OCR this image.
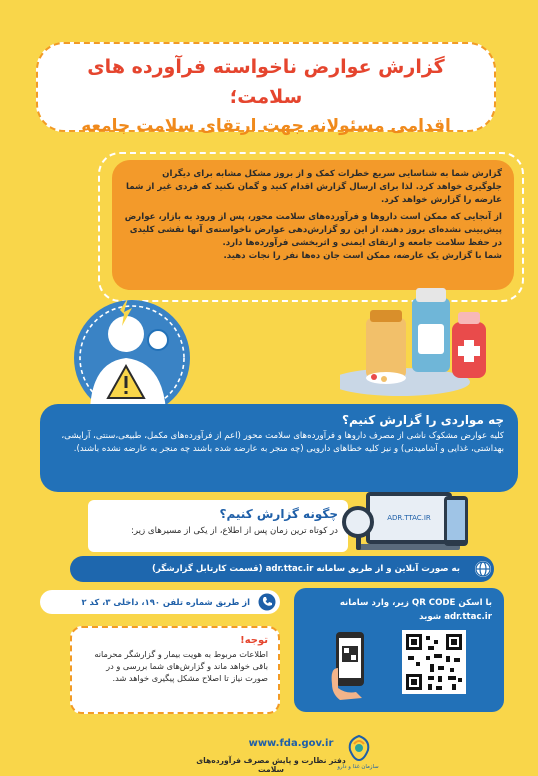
گزارش عوارض ناخواسته فرآورده های سلامت؛
اقدامی مسئولانه جهت ارتقای سلامت جامعه
گزارش شما به شناسایی سریع خطرات کمک و از بروز مشکل مشابه برای دیگران جلوگیری خواهد کرد. لذا برای ارسال گزارش اقدام کنید و گمان نکنید که فردی غیر از شما عارضه را گزارش خواهد کرد.
از آنجایی که ممکن است داروها و فرآورده‌های سلامت محور، پس از ورود به بازار، عوارض پیش‌بینی نشده‌ای بروز دهند، از این رو گزارش‌دهی عوارض ناخواسته‌ی آنها نقشی کلیدی در حفظ سلامت جامعه و ارتقای ایمنی و اثربخشی فرآورده‌ها دارد.
شما با گزارش یک عارضه، ممکن است جان ده‌ها نفر را نجات دهید.
چه مواردی را گزارش کنیم؟
کلیه عوارض مشکوک ناشی از مصرف داروها و فرآورده‌های سلامت محور (اعم از فرآورده‌های مکمل، طبیعی،سنتی، آرایشی، بهداشتی، غذایی و آشامیدنی) و نیز کلیه خطاهای دارویی (چه منجر به عارضه شده باشند چه منجر به عارضه نشده باشند).
چگونه گزارش کنیم؟
در کوتاه ترین زمان پس از اطلاع، از یکی از مسیرهای زیر:
ADR.TTAC.IR
به صورت آنلاین و از طریق سامانه adr.ttac.ir (قسمت کارتابل گزارشگر)
از طریق شماره تلفن ۱۹۰، داخلی ۳، کد ۲	با اسکن QR CODE زیر، وارد سامانه
adr.ttac.ir شوید
توجه!
اطلاعات مربوط به هویت بیمار و گزارشگر محرمانه باقی خواهد ماند و گزارش‌های شما بررسی و در صورت نیاز تا اصلاح مشکل پیگیری خواهد شد.
www.fda.gov.ir
دفتر نظارت و پایش مصرف فرآورده‌های سلامت	سازمان غذا و دارو
